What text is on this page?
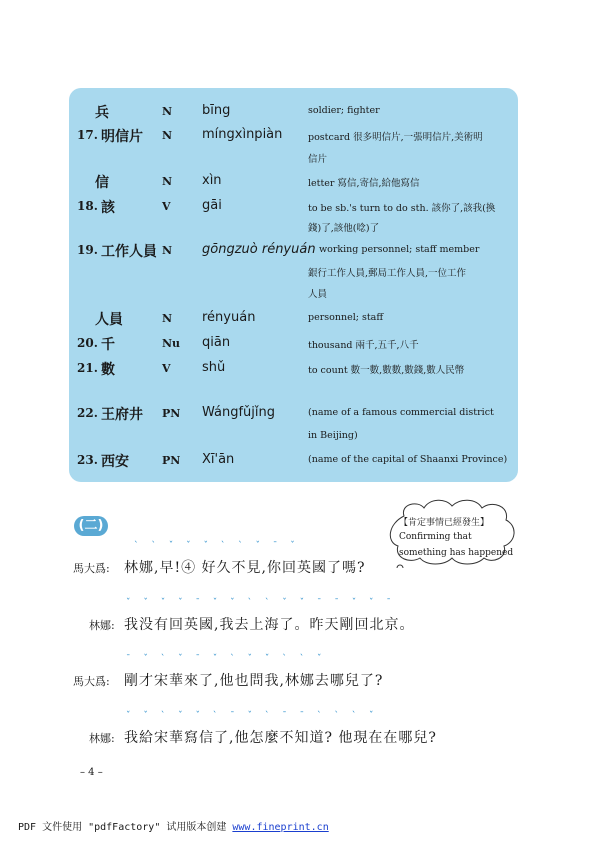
兵	N bīng	soldier; fighter
17. 明信片 N míngxìnpiàn	postcard 很多明信片,一張明信片,美術明
信片
信	N xìn	letter 寫信,寄信,給他寫信
18. 該	V gāi	to be sb.'s turn to do sth. 該你了,該我(換
錢)了,該他(唸)了
19. 工作人員 N gōngzuò rényuán working personnel; staff member
銀行工作人員,郵局工作人員,一位工作
人員
人員	N rényuán	personnel; staff
20. 千	Nu qiān	thousand 兩千,五千,八千
21. 數	V shǔ	to count 數一數,數數,數錢,數人民幣
22. 王府井 PN Wángfǔjǐng	(name of a famous commercial district
in Beijing)
23. 西安	PN Xī'ān	(name of the capital of Shaanxi Province)
(二)	【肯定事情已經發生】
Confirming that
something has happened
ˋ ˋ ˇ ˇ ˇ ˋ ˋ ˇ ˉ ˇ
馬大爲: 林娜,早!④ 好久不見,你回英國了嗎?
ˇ ˇ ˇ ˇ ˉ ˇ ˇ ˋ ˋ ˇ ˇ ˉ ˉ ˇ ˇ ˉ
林娜: 我没有回英國,我去上海了。昨天剛回北京。
ˉ ˇ ˋ ˇ ˉ ˇ ˋ ˇ ˇ ˋ ˋ ˇ
馬大爲: 剛才宋華來了,他也問我,林娜去哪兒了?
ˇ ˇ ˋ ˇ ˇ ˋ ˉ ˇ ˋ ˉ ˉ ˋ ˋ ˋ ˇ
林娜: 我給宋華寫信了,他怎麼不知道? 他現在在哪兒?
– 4 –
PDF 文件使用 "pdfFactory" 试用版本创建 www.fineprint.cn
